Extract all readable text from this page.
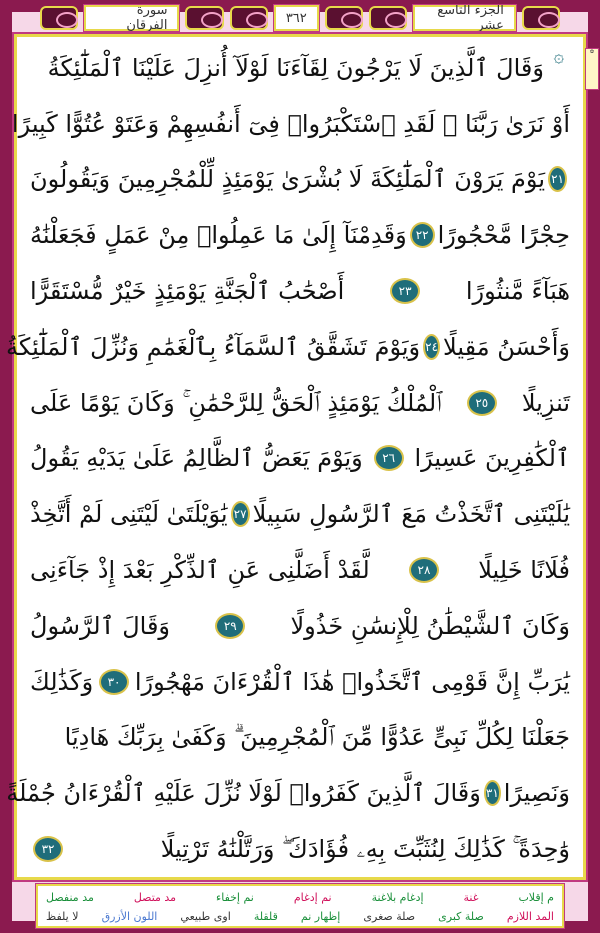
الجزء التاسع عشر
٣٦٢
سورة الفرقان
✿
۞
وَقَالَ ٱلَّذِينَ لَا يَرْجُونَ لِقَآءَنَا لَوْلَآ أُنزِلَ عَلَيْنَا ٱلْمَلَٰٓئِكَةُ
أَوْ نَرَىٰ رَبَّنَا ۗ لَقَدِ ٱسْتَكْبَرُوا۟ فِىٓ أَنفُسِهِمْ وَعَتَوْ عُتُوًّا كَبِيرًا
٢١
يَوْمَ يَرَوْنَ ٱلْمَلَٰٓئِكَةَ لَا بُشْرَىٰ يَوْمَئِذٍ لِّلْمُجْرِمِينَ وَيَقُولُونَ
حِجْرًا مَّحْجُورًا
٢٢
وَقَدِمْنَآ إِلَىٰ مَا عَمِلُوا۟ مِنْ عَمَلٍ فَجَعَلْنَٰهُ
هَبَآءً مَّنثُورًا
٢٣
أَصْحَٰبُ ٱلْجَنَّةِ يَوْمَئِذٍ خَيْرٌ مُّسْتَقَرًّا
وَأَحْسَنُ مَقِيلًا
٢٤
وَيَوْمَ تَشَقَّقُ ٱلسَّمَآءُ بِٱلْغَمَٰمِ وَنُزِّلَ ٱلْمَلَٰٓئِكَةُ
تَنزِيلًا
٢٥
ٱلْمُلْكُ يَوْمَئِذٍ ٱلْحَقُّ لِلرَّحْمَٰنِ ۚ وَكَانَ يَوْمًا عَلَى
ٱلْكَٰفِرِينَ عَسِيرًا
٢٦
وَيَوْمَ يَعَضُّ ٱلظَّالِمُ عَلَىٰ يَدَيْهِ يَقُولُ
يَٰلَيْتَنِى ٱتَّخَذْتُ مَعَ ٱلرَّسُولِ سَبِيلًا
٢٧
يَٰوَيْلَتَىٰ لَيْتَنِى لَمْ أَتَّخِذْ
فُلَانًا خَلِيلًا
٢٨
لَّقَدْ أَضَلَّنِى عَنِ ٱلذِّكْرِ بَعْدَ إِذْ جَآءَنِى
وَكَانَ ٱلشَّيْطَٰنُ لِلْإِنسَٰنِ خَذُولًا
٢٩
وَقَالَ ٱلرَّسُولُ
يَٰرَبِّ إِنَّ قَوْمِى ٱتَّخَذُوا۟ هَٰذَا ٱلْقُرْءَانَ مَهْجُورًا
٣٠
وَكَذَٰلِكَ
جَعَلْنَا لِكُلِّ نَبِىٍّ عَدُوًّا مِّنَ ٱلْمُجْرِمِينَ ۗ وَكَفَىٰ بِرَبِّكَ هَادِيًا
وَنَصِيرًا
٣١
وَقَالَ ٱلَّذِينَ كَفَرُوا۟ لَوْلَا نُزِّلَ عَلَيْهِ ٱلْقُرْءَانُ جُمْلَةً
وَٰحِدَةً ۚ كَذَٰلِكَ لِنُثَبِّتَ بِهِۦ فُؤَادَكَ ۖ وَرَتَّلْنَٰهُ تَرْتِيلًا
٣٢
م إقلاب
غنة
إدغام بلاغنة
نم إدغام
نم إخفاء
مد متصل
مد منفصل
المد اللازم
صلة كبرى
صلة صغرى
إظهار نم
قلقلة
اوى طبيعي
اللون الأزرق
لا يلفظ
